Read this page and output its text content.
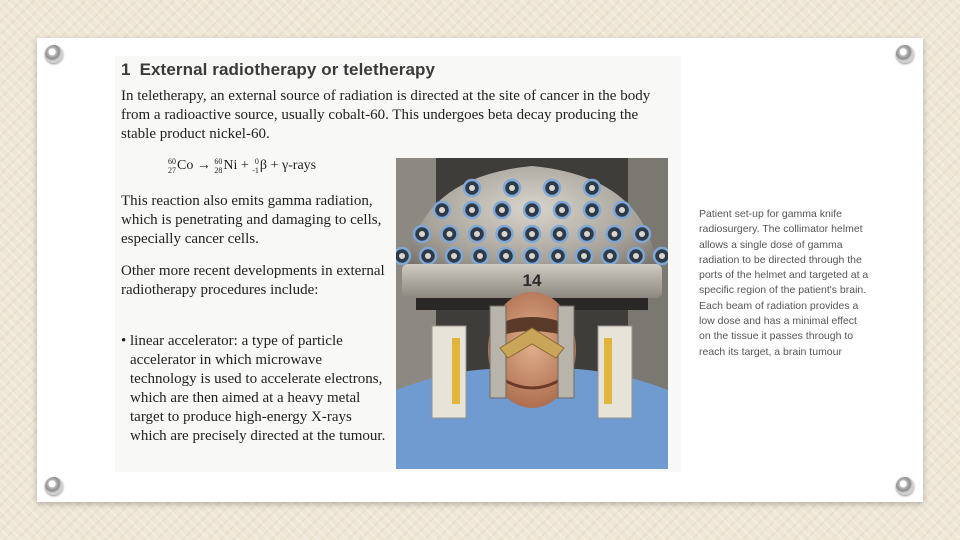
1 External radiotherapy or teletherapy

In teletherapy, an external source of radiation is directed at the site of cancer in the body from a radioactive source, usually cobalt-60. This undergoes beta decay producing the stable product nickel-60.

60
27 Co → 60
28 Ni + 0
-1 β + γ-rays

This reaction also emits gamma radiation, which is penetrating and damaging to cells, especially cancer cells.

Other more recent developments in external radiotherapy procedures include:

• linear accelerator: a type of particle accelerator in which microwave technology is used to accelerate electrons, which are then aimed at a heavy metal target to produce high-energy X-rays which are precisely directed at the tumour.

14

Patient set-up for gamma knife radiosurgery. The collimator helmet allows a single dose of gamma radiation to be directed through the ports of the helmet and targeted at a specific region of the patient's brain. Each beam of radiation provides a low dose and has a minimal effect on the tissue it passes through to reach its target, a brain tumour
